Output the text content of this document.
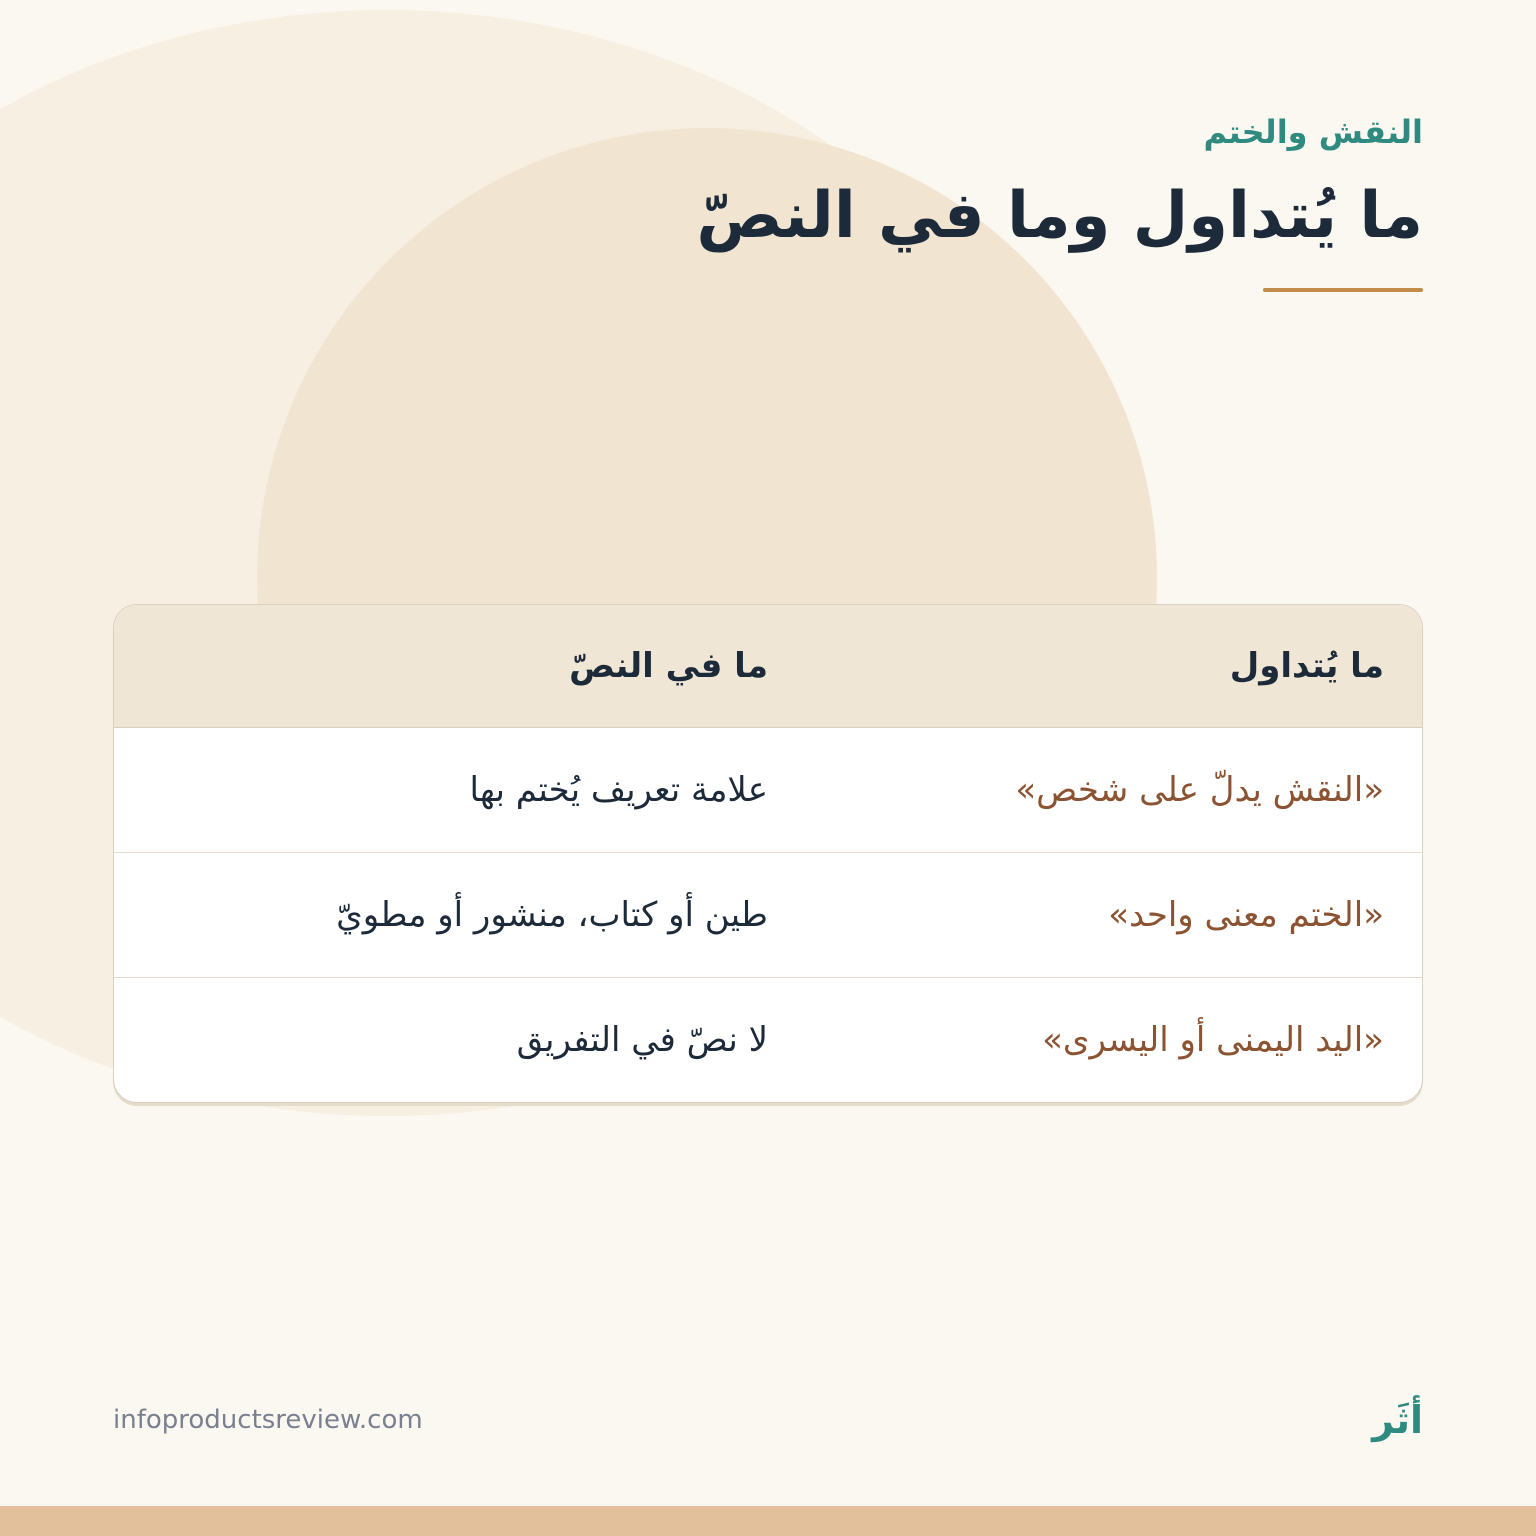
النقش والختم
ما يُتداول وما في النصّ
ما يُتداول
ما في النصّ
«النقش يدلّ على شخص»
علامة تعريف يُختم بها
«الختم معنى واحد»
طين أو كتاب، منشور أو مطويّ
«اليد اليمنى أو اليسرى»
لا نصّ في التفريق
infoproductsreview.com	أثَر
